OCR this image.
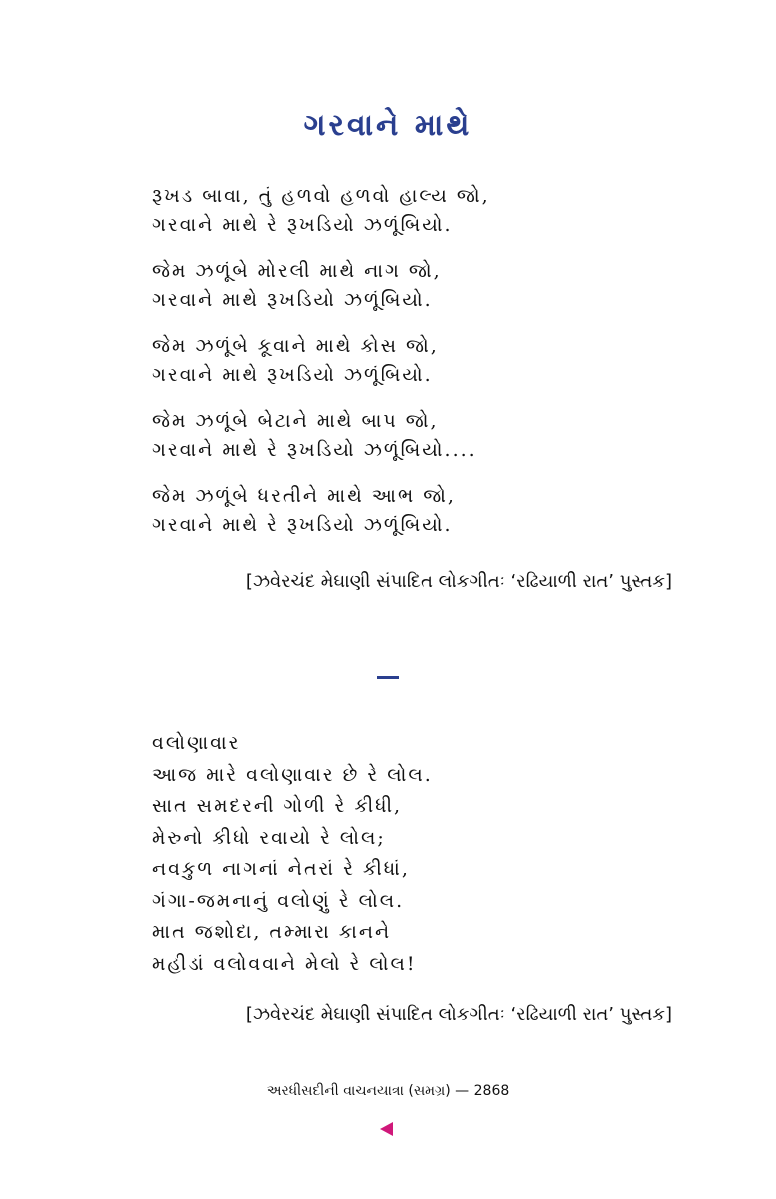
ગરવાને માથે
રૂખડ બાવા, તું હળવો હળવો હાલ્ય જો,
ગરવાને માથે રે રૂખડિયો ઝળૂંબિયો.
જેમ ઝળૂંબે મોરલી માથે નાગ જો,
ગરવાને માથે રૂખડિયો ઝળૂંબિયો.
જેમ ઝળૂંબે કૂવાને માથે કોસ જો,
ગરવાને માથે રૂખડિયો ઝળૂંબિયો.
જેમ ઝળૂંબે બેટાને માથે બાપ જો,
ગરવાને માથે રે રૂખડિયો ઝળૂંબિયો....
જેમ ઝળૂંબે ધરતીને માથે આભ જો,
ગરવાને માથે રે રૂખડિયો ઝળૂંબિયો.
[ઝવેરચંદ મેઘાણી સંપાદિત લોકગીતઃ ‘રઢિયાળી રાત’ પુસ્તક]
વલોણાવાર
આજ મારે વલોણાવાર છે રે લોલ.
સાત સમદરની ગોળી રે કીધી,
મેરુનો કીધો રવાયો રે લોલ;
નવકુળ નાગનાં નેતરાં રે કીધાં,
ગંગા-જમનાનું વલોણું રે લોલ.
માત જશોદા, તમ્મારા કાનને
મહીડાં વલોવવાને મેલો રે લોલ!
[ઝવેરચંદ મેઘાણી સંપાદિત લોકગીતઃ ‘રઢિયાળી રાત’ પુસ્તક]
અરધીસદીની વાચનયાત્રા (સમગ્ર) — 2868
